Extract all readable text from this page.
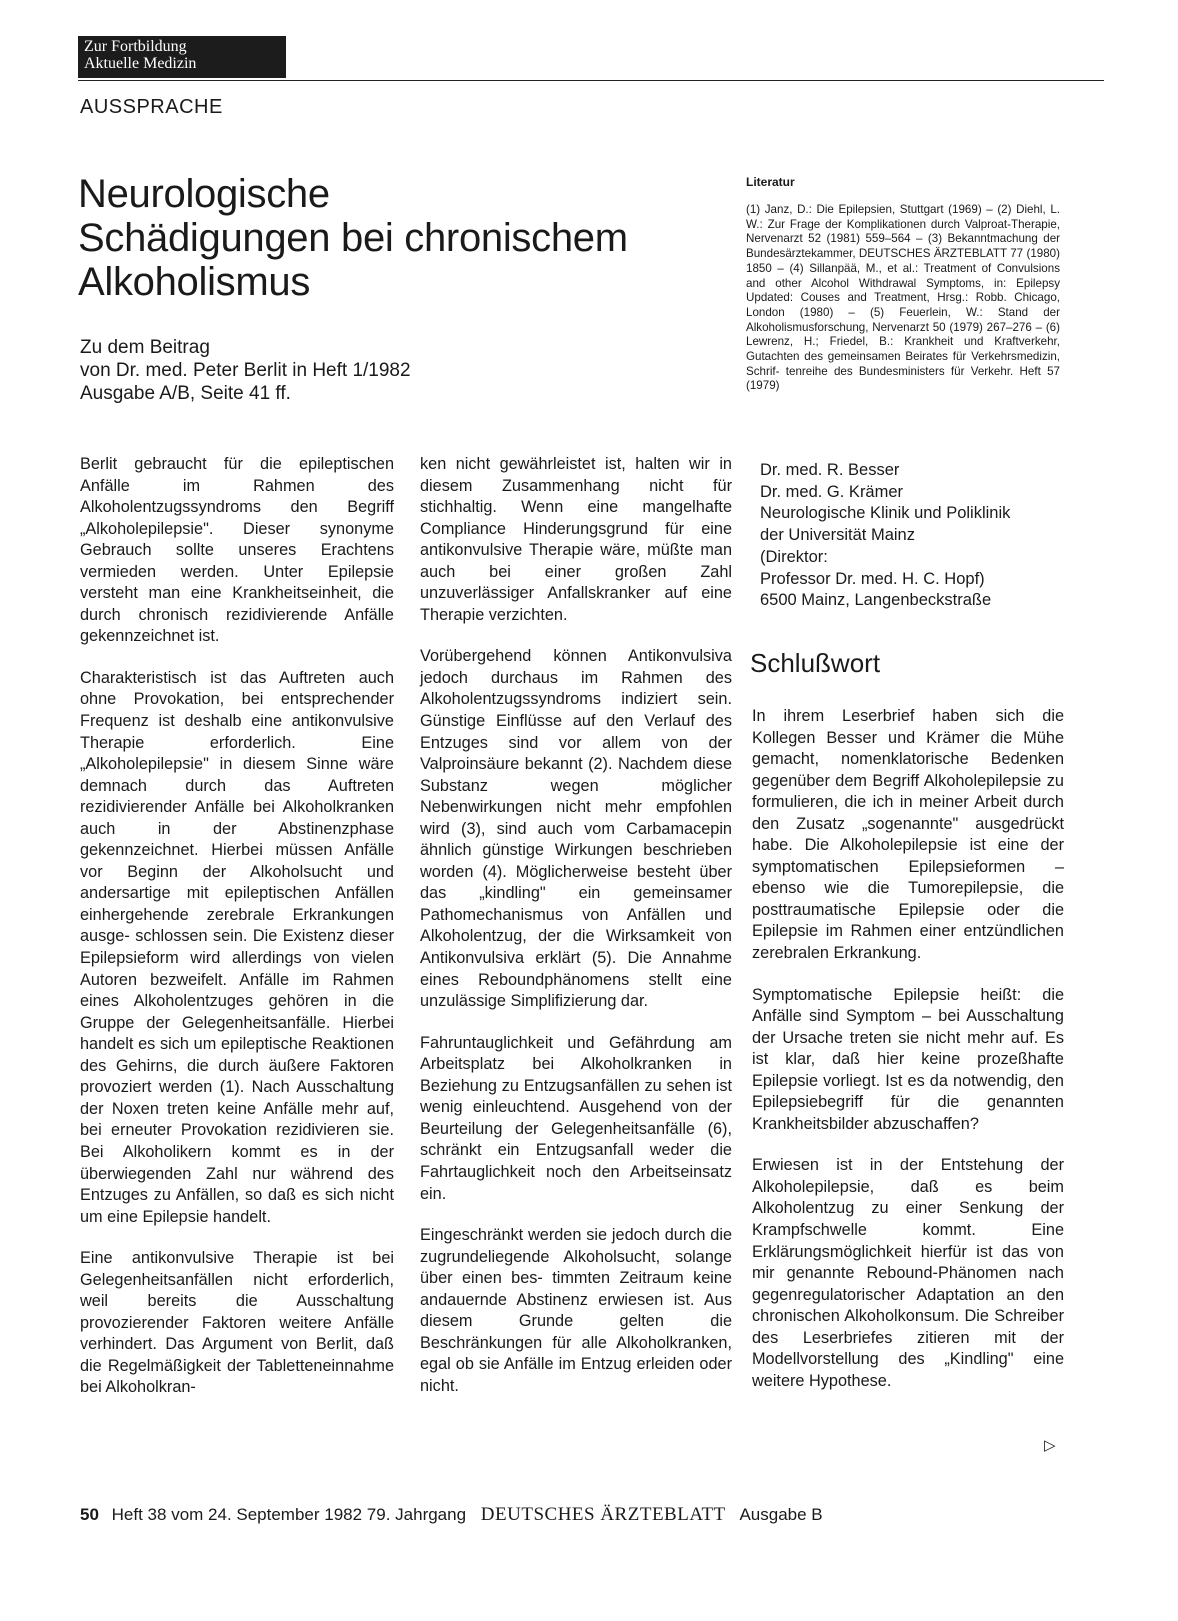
Zur Fortbildung
Aktuelle Medizin
AUSSPRACHE
Neurologische
Schädigungen bei chronischem
Alkoholismus
Zu dem Beitrag
von Dr. med. Peter Berlit in Heft 1/1982
Ausgabe A/B, Seite 41 ff.

Berlit gebraucht für die epileptischen Anfälle im Rahmen des Alkoholentzugssyndroms den Begriff „Alkoholepilepsie". Dieser synonyme Gebrauch sollte unseres Erachtens vermieden werden. Unter Epilepsie versteht man eine Krankheitseinheit, die durch chronisch rezidivierende Anfälle gekennzeichnet ist.

Charakteristisch ist das Auftreten auch ohne Provokation, bei entsprechender Frequenz ist deshalb eine antikonvulsive Therapie erforderlich. Eine „Alkoholepilepsie" in diesem Sinne wäre demnach durch das Auftreten rezidivierender Anfälle bei Alkoholkranken auch in der Abstinenzphase gekennzeichnet. Hierbei müssen Anfälle vor Beginn der Alkoholsucht und andersartige mit epileptischen Anfällen einhergehende zerebrale Erkrankungen ausge- schlossen sein. Die Existenz dieser Epilepsieform wird allerdings von vielen Autoren bezweifelt. Anfälle im Rahmen eines Alkoholentzuges gehören in die Gruppe der Gelegenheitsanfälle. Hierbei handelt es sich um epileptische Reaktionen des Gehirns, die durch äußere Faktoren provoziert werden (1). Nach Ausschaltung der Noxen treten keine Anfälle mehr auf, bei erneuter Provokation rezidivieren sie. Bei Alkoholikern kommt es in der überwiegenden Zahl nur während des Entzuges zu Anfällen, so daß es sich nicht um eine Epilepsie handelt.

Eine antikonvulsive Therapie ist bei Gelegenheitsanfällen nicht erforderlich, weil bereits die Ausschaltung provozierender Faktoren weitere Anfälle verhindert. Das Argument von Berlit, daß die Regelmäßigkeit der Tabletteneinnahme bei Alkoholkran-

ken nicht gewährleistet ist, halten wir in diesem Zusammenhang nicht für stichhaltig. Wenn eine mangelhafte Compliance Hinderungsgrund für eine antikonvulsive Therapie wäre, müßte man auch bei einer großen Zahl unzuverlässiger Anfallskranker auf eine Therapie verzichten.

Vorübergehend können Antikonvulsiva jedoch durchaus im Rahmen des Alkoholentzugssyndroms indiziert sein. Günstige Einflüsse auf den Verlauf des Entzuges sind vor allem von der Valproinsäure bekannt (2). Nachdem diese Substanz wegen möglicher Nebenwirkungen nicht mehr empfohlen wird (3), sind auch vom Carbamacepin ähnlich günstige Wirkungen beschrieben worden (4). Möglicherweise besteht über das „kindling" ein gemeinsamer Pathomechanismus von Anfällen und Alkoholentzug, der die Wirksamkeit von Antikonvulsiva erklärt (5). Die Annahme eines Reboundphänomens stellt eine unzulässige Simplifizierung dar.

Fahruntauglichkeit und Gefährdung am Arbeitsplatz bei Alkoholkranken in Beziehung zu Entzugsanfällen zu sehen ist wenig einleuchtend. Ausgehend von der Beurteilung der Gelegenheitsanfälle (6), schränkt ein Entzugsanfall weder die Fahrtauglichkeit noch den Arbeitseinsatz ein.

Eingeschränkt werden sie jedoch durch die zugrundeliegende Alkoholsucht, solange über einen bes- timmten Zeitraum keine andauernde Abstinenz erwiesen ist. Aus diesem Grunde gelten die Beschränkungen für alle Alkoholkranken, egal ob sie Anfälle im Entzug erleiden oder nicht.

Literatur
(1) Janz, D.: Die Epilepsien, Stuttgart (1969) – (2) Diehl, L. W.: Zur Frage der Komplikationen durch Valproat-Therapie, Nervenarzt 52 (1981) 559–564 – (3) Bekanntmachung der Bundesärztekammer, DEUTSCHES ÄRZTEBLATT 77 (1980) 1850 – (4) Sillanpää, M., et al.: Treatment of Convulsions and other Alcohol Withdrawal Symptoms, in: Epilepsy Updated: Couses and Treatment, Hrsg.: Robb. Chicago, London (1980) – (5) Feuerlein, W.: Stand der Alkoholismusforschung, Nervenarzt 50 (1979) 267–276 – (6) Lewrenz, H.; Friedel, B.: Krankheit und Kraftverkehr, Gutachten des gemeinsamen Beirates für Verkehrsmedizin, Schrif- tenreihe des Bundesministers für Verkehr. Heft 57 (1979)
Dr. med. R. Besser
Dr. med. G. Krämer
Neurologische Klinik und Poliklinik
der Universität Mainz
(Direktor:
Professor Dr. med. H. C. Hopf)
6500 Mainz, Langenbeckstraße
Schlußwort

In ihrem Leserbrief haben sich die Kollegen Besser und Krämer die Mühe gemacht, nomenklatorische Bedenken gegenüber dem Begriff Alkoholepilepsie zu formulieren, die ich in meiner Arbeit durch den Zusatz „sogenannte" ausgedrückt habe. Die Alkoholepilepsie ist eine der symptomatischen Epilepsieformen – ebenso wie die Tumorepilepsie, die posttraumatische Epilepsie oder die Epilepsie im Rahmen einer entzündlichen zerebralen Erkrankung.

Symptomatische Epilepsie heißt: die Anfälle sind Symptom – bei Ausschaltung der Ursache treten sie nicht mehr auf. Es ist klar, daß hier keine prozeßhafte Epilepsie vorliegt. Ist es da notwendig, den Epilepsiebegriff für die genannten Krankheitsbilder abzuschaffen?

Erwiesen ist in der Entstehung der Alkoholepilepsie, daß es beim Alkoholentzug zu einer Senkung der Krampfschwelle kommt. Eine Erklärungsmöglichkeit hierfür ist das von mir genannte Rebound-Phänomen nach gegenregulatorischer Adaptation an den chronischen Alkoholkonsum. Die Schreiber des Leserbriefes zitieren mit der Modellvorstellung des „Kindling" eine weitere Hypothese.

▷
50 Heft 38 vom 24. September 1982 79. Jahrgang DEUTSCHES ÄRZTEBLATT Ausgabe B
